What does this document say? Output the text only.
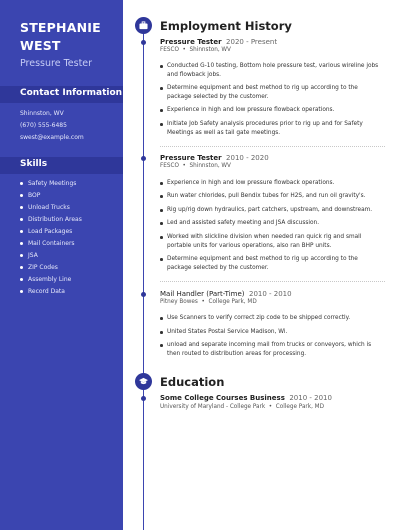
STEPHANIE
WEST
Pressure Tester
Contact Information
Shinnston, WV
(670) 555-6485
swest@example.com
Skills
Safety Meetings
BOP
Unload Trucks
Distribution Areas
Load Packages
Mail Containers
JSA
ZIP Codes
Assembly Line
Record Data
Employment History
Pressure Tester 2020 - Present
FESCO  •  Shinnston, WV
Conducted G-10 testing, Bottom hole pressure test, various wireline jobs and flowback jobs.
Determine equipment and best method to rig up according to the package selected by the customer.
Experience in high and low pressure flowback operations.
Initiate Job Safety analysis procedures prior to rig up and for Safety Meetings as well as tail gate meetings.
Pressure Tester 2010 - 2020
FESCO  •  Shinnston, WV
Experience in high and low pressure flowback operations.
Run water chlorides, pull Bendix tubes for H2S, and run oil gravity's.
Rig up/rig down hydraulics, part catchers, upstream, and downstream.
Led and assisted safety meeting and JSA discussion.
Worked with slickline division when needed ran quick rig and small portable units for various operations, also ran BHP units.
Determine equipment and best method to rig up according to the package selected by the customer.
Mail Handler (Part-Time) 2010 - 2010
Pitney Bowes  •  College Park, MD
Use Scanners to verify correct zip code to be shipped correctly.
United States Postal Service Madison, Wi.
unload and separate incoming mail from trucks or conveyors, which is then routed to distribution areas for processing.
Education
Some College Courses Business 2010 - 2010
University of Maryland - College Park  •  College Park, MD
